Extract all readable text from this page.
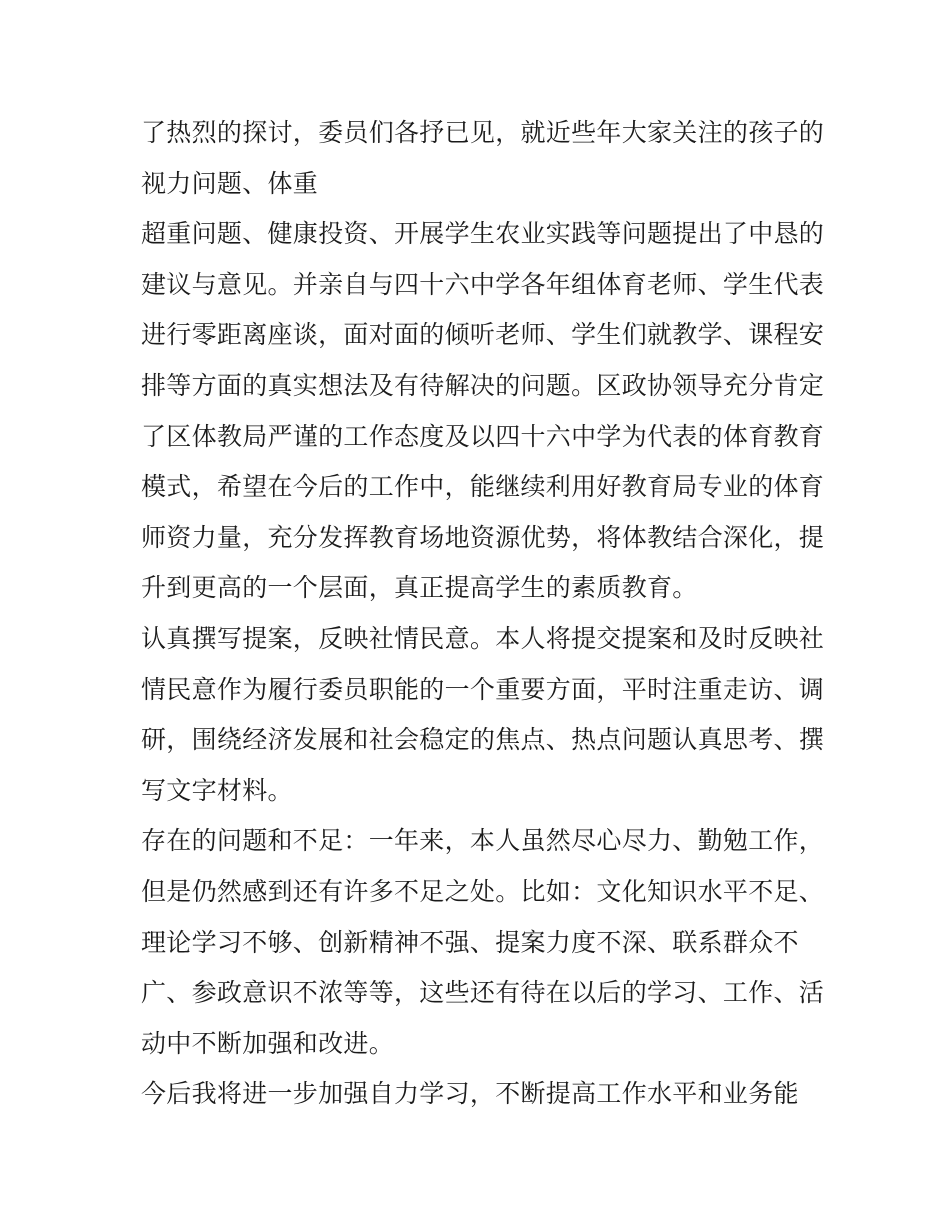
了热烈的探讨，委员们各抒已见，就近些年大家关注的孩子的
视力问题、体重
超重问题、健康投资、开展学生农业实践等问题提出了中恳的
建议与意见。并亲自与四十六中学各年组体育老师、学生代表
进行零距离座谈，面对面的倾听老师、学生们就教学、课程安
排等方面的真实想法及有待解决的问题。区政协领导充分肯定
了区体教局严谨的工作态度及以四十六中学为代表的体育教育
模式，希望在今后的工作中，能继续利用好教育局专业的体育
师资力量，充分发挥教育场地资源优势，将体教结合深化，提
升到更高的一个层面，真正提高学生的素质教育。
认真撰写提案，反映社情民意。本人将提交提案和及时反映社
情民意作为履行委员职能的一个重要方面，平时注重走访、调
研，围绕经济发展和社会稳定的焦点、热点问题认真思考、撰
写文字材料。
存在的问题和不足：一年来，本人虽然尽心尽力、勤勉工作，
但是仍然感到还有许多不足之处。比如：文化知识水平不足、
理论学习不够、创新精神不强、提案力度不深、联系群众不
广、参政意识不浓等等，这些还有待在以后的学习、工作、活
动中不断加强和改进。
今后我将进一步加强自力学习，不断提高工作水平和业务能
